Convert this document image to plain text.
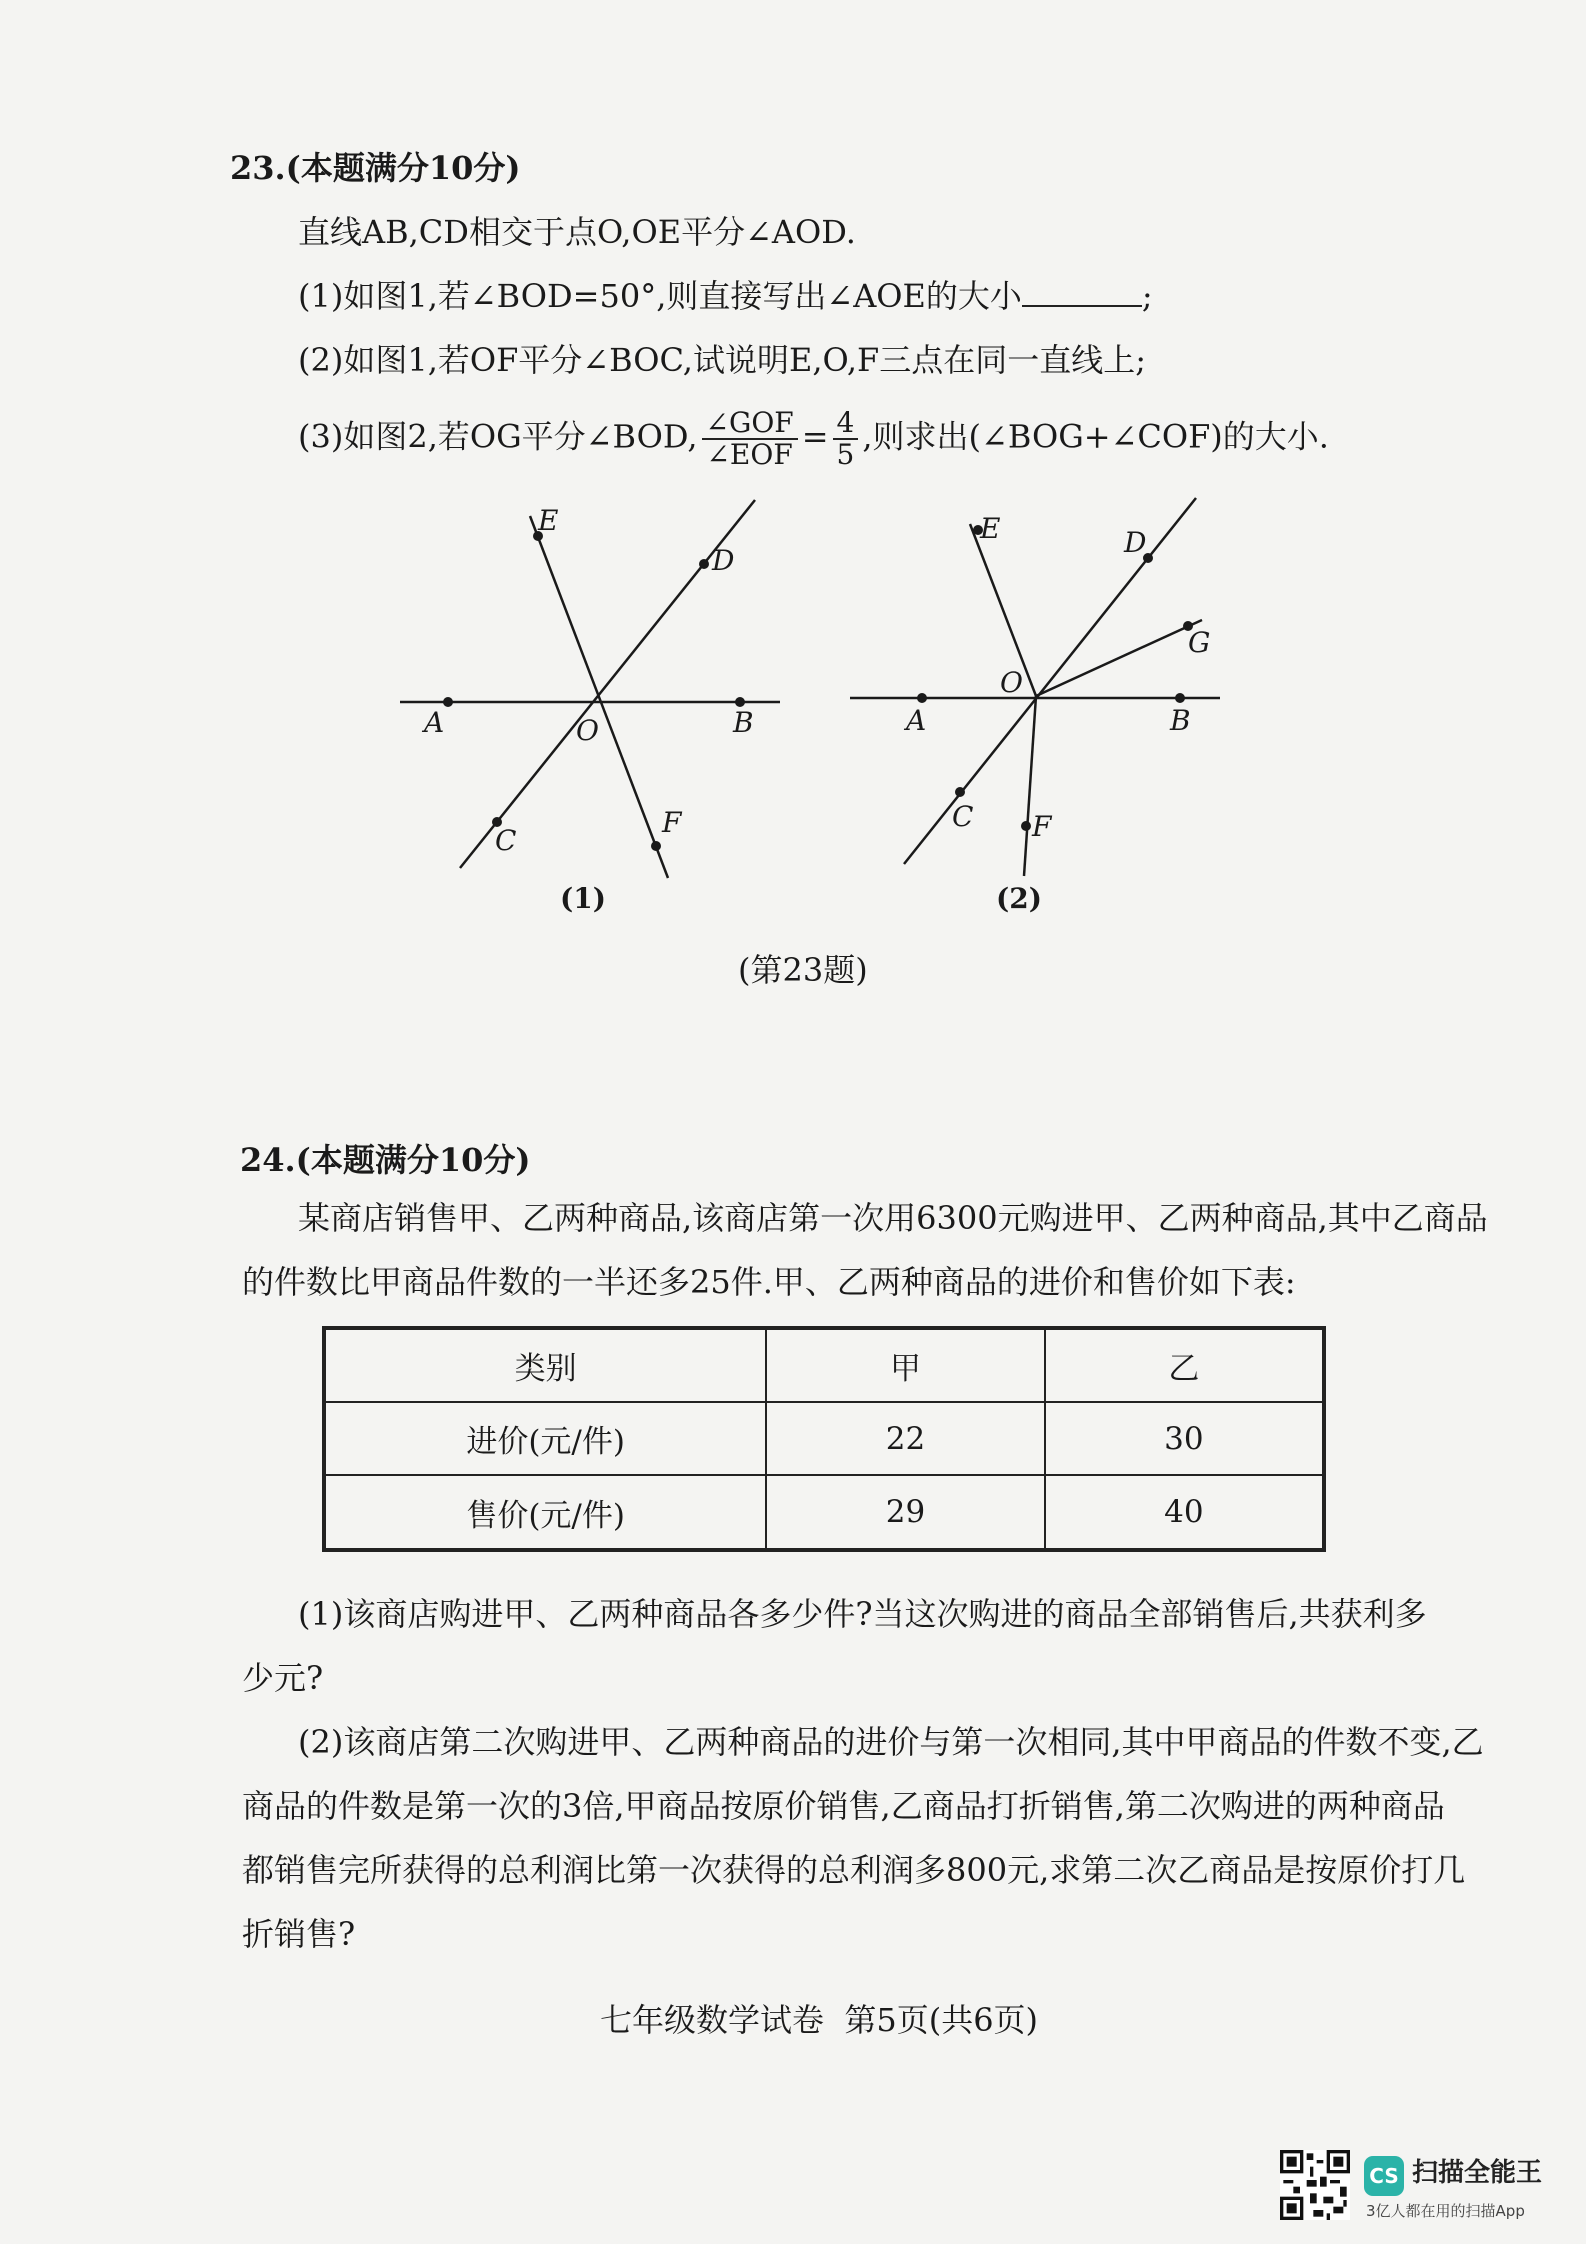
23.(本题满分10分)
直线AB,CD相交于点O,OE平分∠AOD.
(1)如图1,若∠BOD=50°,则直接写出∠AOE的大小	;
(2)如图1,若OF平分∠BOC,试说明E,O,F三点在同一直线上;
(3)如图2,若OG平分∠BOD, $\frac{\text{∠GOF}}{\text{∠EOF}} = \frac{4}{5}$ ,则求出(∠BOG+∠COF)的大小.
E
D
A	O	B
C
F
(1)
E	D
G
A
O
B
C F
(2)
(第23题)
24.(本题满分10分)
某商店销售甲、乙两种商品,该商店第一次用6300元购进甲、乙两种商品,其中乙商品
的件数比甲商品件数的一半还多25件.甲、乙两种商品的进价和售价如下表:
类别	甲	乙
进价(元/件)	22	30
售价(元/件)	29	40
(1)该商店购进甲、乙两种商品各多少件?当这次购进的商品全部销售后,共获利多
少元?
(2)该商店第二次购进甲、乙两种商品的进价与第一次相同,其中甲商品的件数不变,乙
商品的件数是第一次的3倍,甲商品按原价销售,乙商品打折销售,第二次购进的两种商品
都销售完所获得的总利润比第一次获得的总利润多800元,求第二次乙商品是按原价打几
折销售?
七年级数学试卷  第5页(共6页)
CS 扫描全能王
3亿人都在用的扫描App
